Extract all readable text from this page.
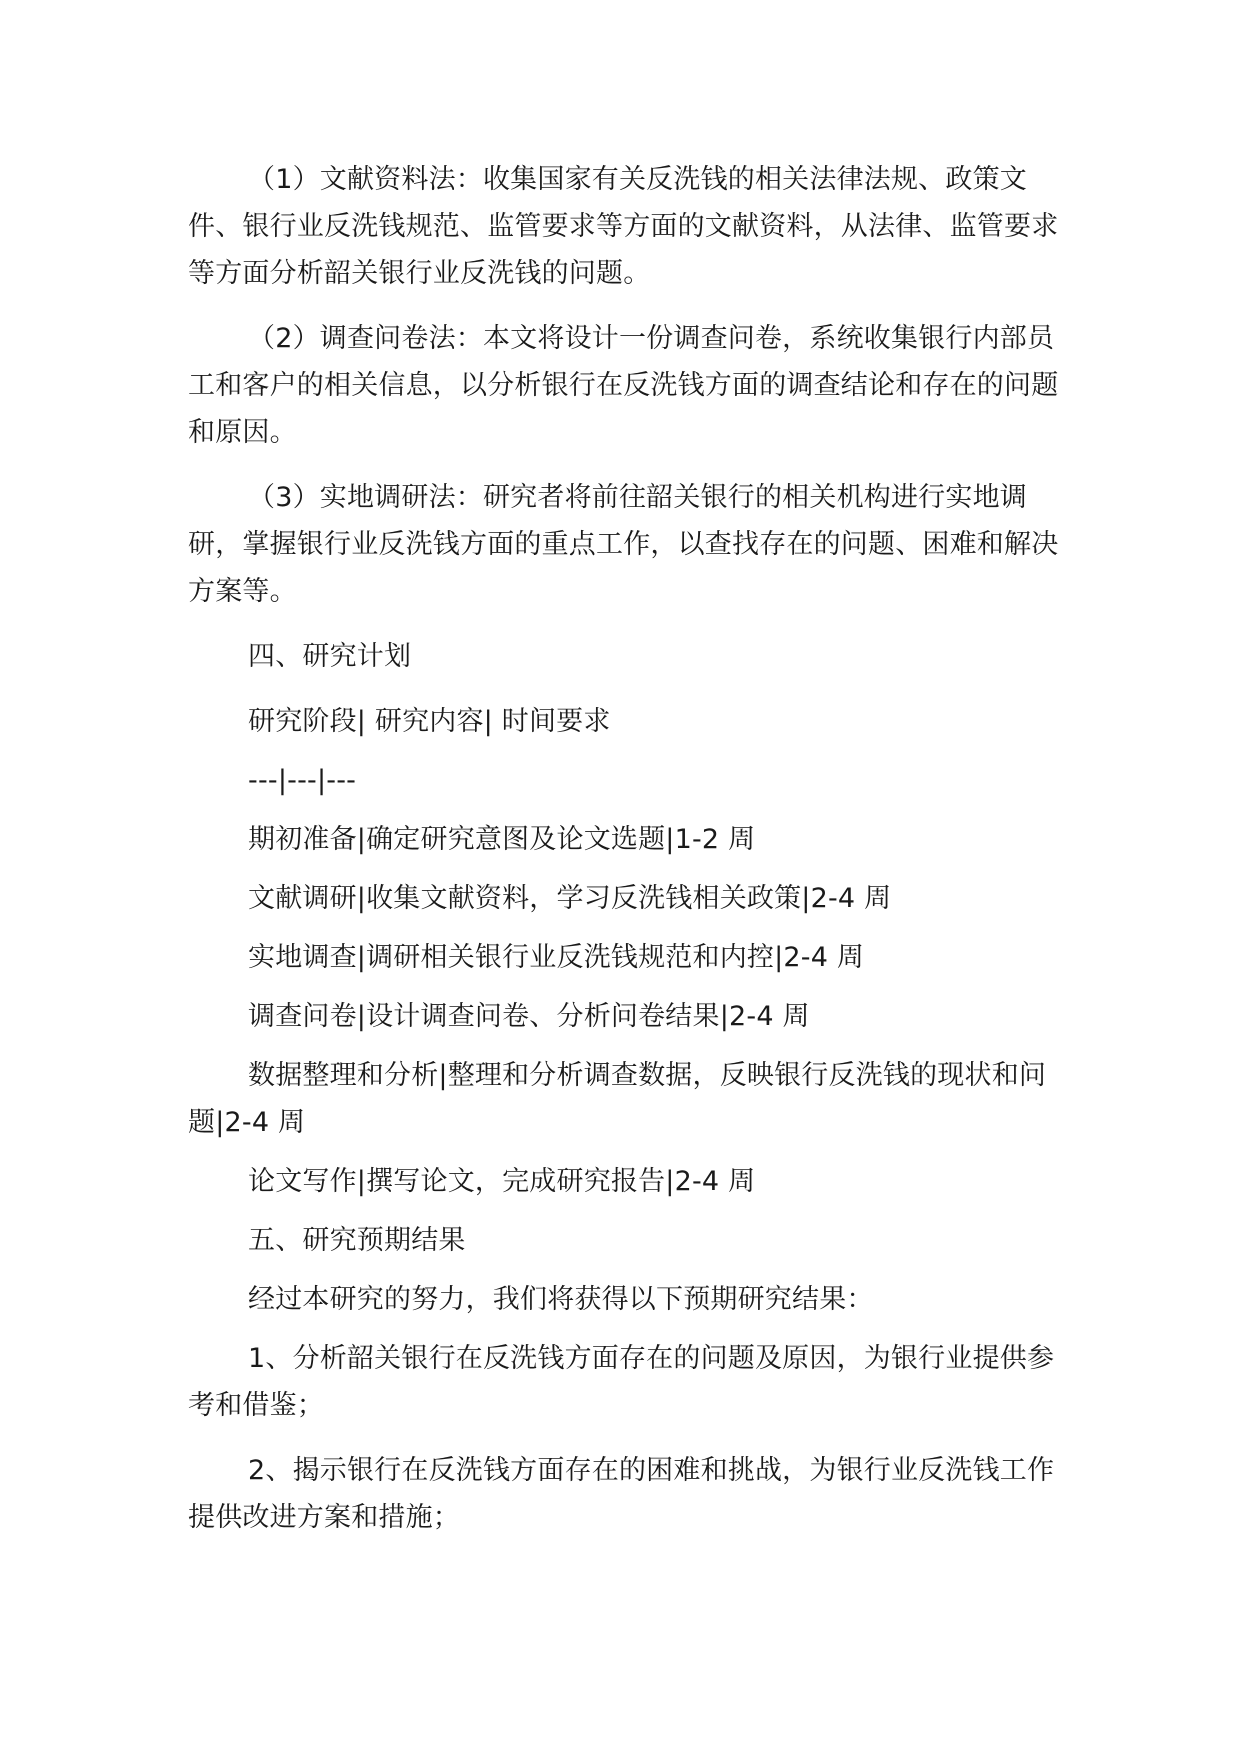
（1）文献资料法：收集国家有关反洗钱的相关法律法规、政策文件、银行业反洗钱规范、监管要求等方面的文献资料，从法律、监管要求等方面分析韶关银行业反洗钱的问题。

（2）调查问卷法：本文将设计一份调查问卷，系统收集银行内部员工和客户的相关信息，以分析银行在反洗钱方面的调查结论和存在的问题和原因。

（3）实地调研法：研究者将前往韶关银行的相关机构进行实地调研，掌握银行业反洗钱方面的重点工作，以查找存在的问题、困难和解决方案等。

四、研究计划

研究阶段| 研究内容| 时间要求

---|---|---

期初准备|确定研究意图及论文选题|1-2 周

文献调研|收集文献资料，学习反洗钱相关政策|2-4 周

实地调查|调研相关银行业反洗钱规范和内控|2-4 周

调查问卷|设计调查问卷、分析问卷结果|2-4 周

数据整理和分析|整理和分析调查数据，反映银行反洗钱的现状和问题|2-4 周

论文写作|撰写论文，完成研究报告|2-4 周

五、研究预期结果

经过本研究的努力，我们将获得以下预期研究结果：

1、分析韶关银行在反洗钱方面存在的问题及原因，为银行业提供参考和借鉴；

2、揭示银行在反洗钱方面存在的困难和挑战，为银行业反洗钱工作提供改进方案和措施；
